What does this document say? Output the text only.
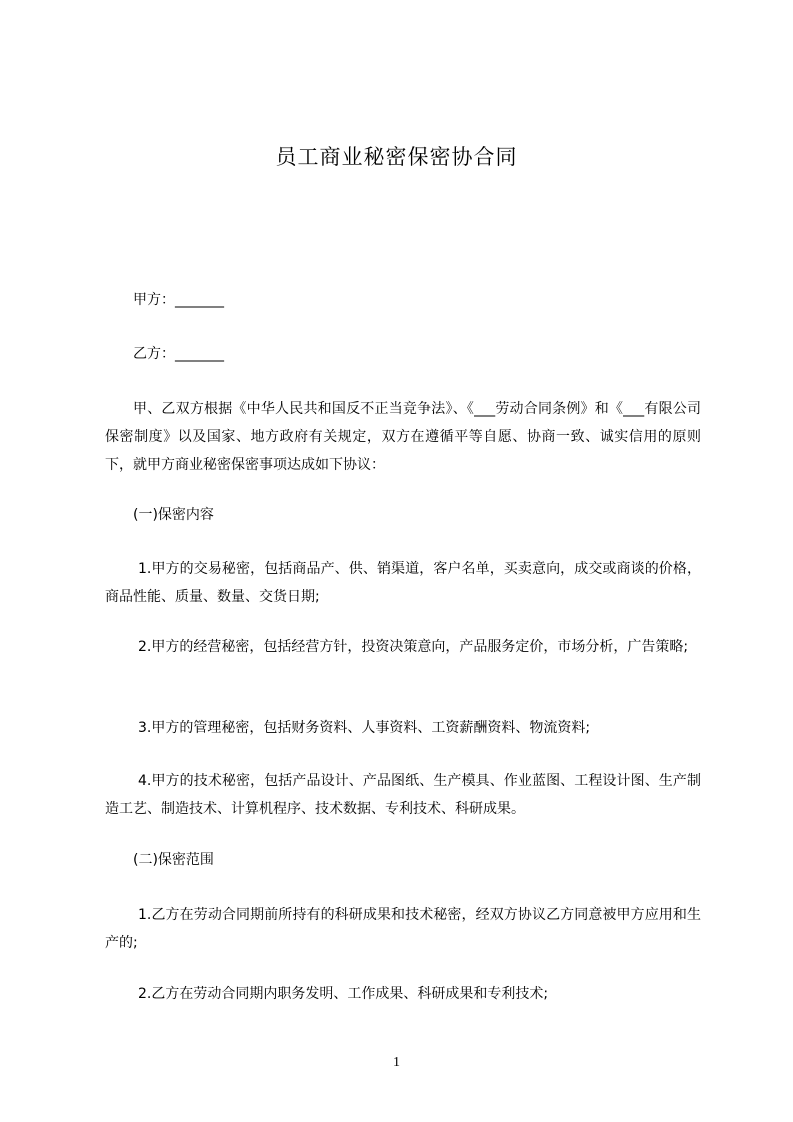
员工商业秘密保密协合同

甲方：_______

乙方：_______

甲、乙双方根据《中华人民共和国反不正当竞争法》、《___劳动合同条例》和《___有限公司保密制度》以及国家、地方政府有关规定，双方在遵循平等自愿、协商一致、诚实信用的原则下，就甲方商业秘密保密事项达成如下协议：

(一)保密内容

1.甲方的交易秘密，包括商品产、供、销渠道，客户名单，买卖意向，成交或商谈的价格，商品性能、质量、数量、交货日期;

2.甲方的经营秘密，包括经营方针，投资决策意向，产品服务定价，市场分析，广告策略;

3.甲方的管理秘密，包括财务资料、人事资料、工资薪酬资料、物流资料;

4.甲方的技术秘密，包括产品设计、产品图纸、生产模具、作业蓝图、工程设计图、生产制造工艺、制造技术、计算机程序、技术数据、专利技术、科研成果。

(二)保密范围

1.乙方在劳动合同期前所持有的科研成果和技术秘密，经双方协议乙方同意被甲方应用和生产的;

2.乙方在劳动合同期内职务发明、工作成果、科研成果和专利技术;

1
